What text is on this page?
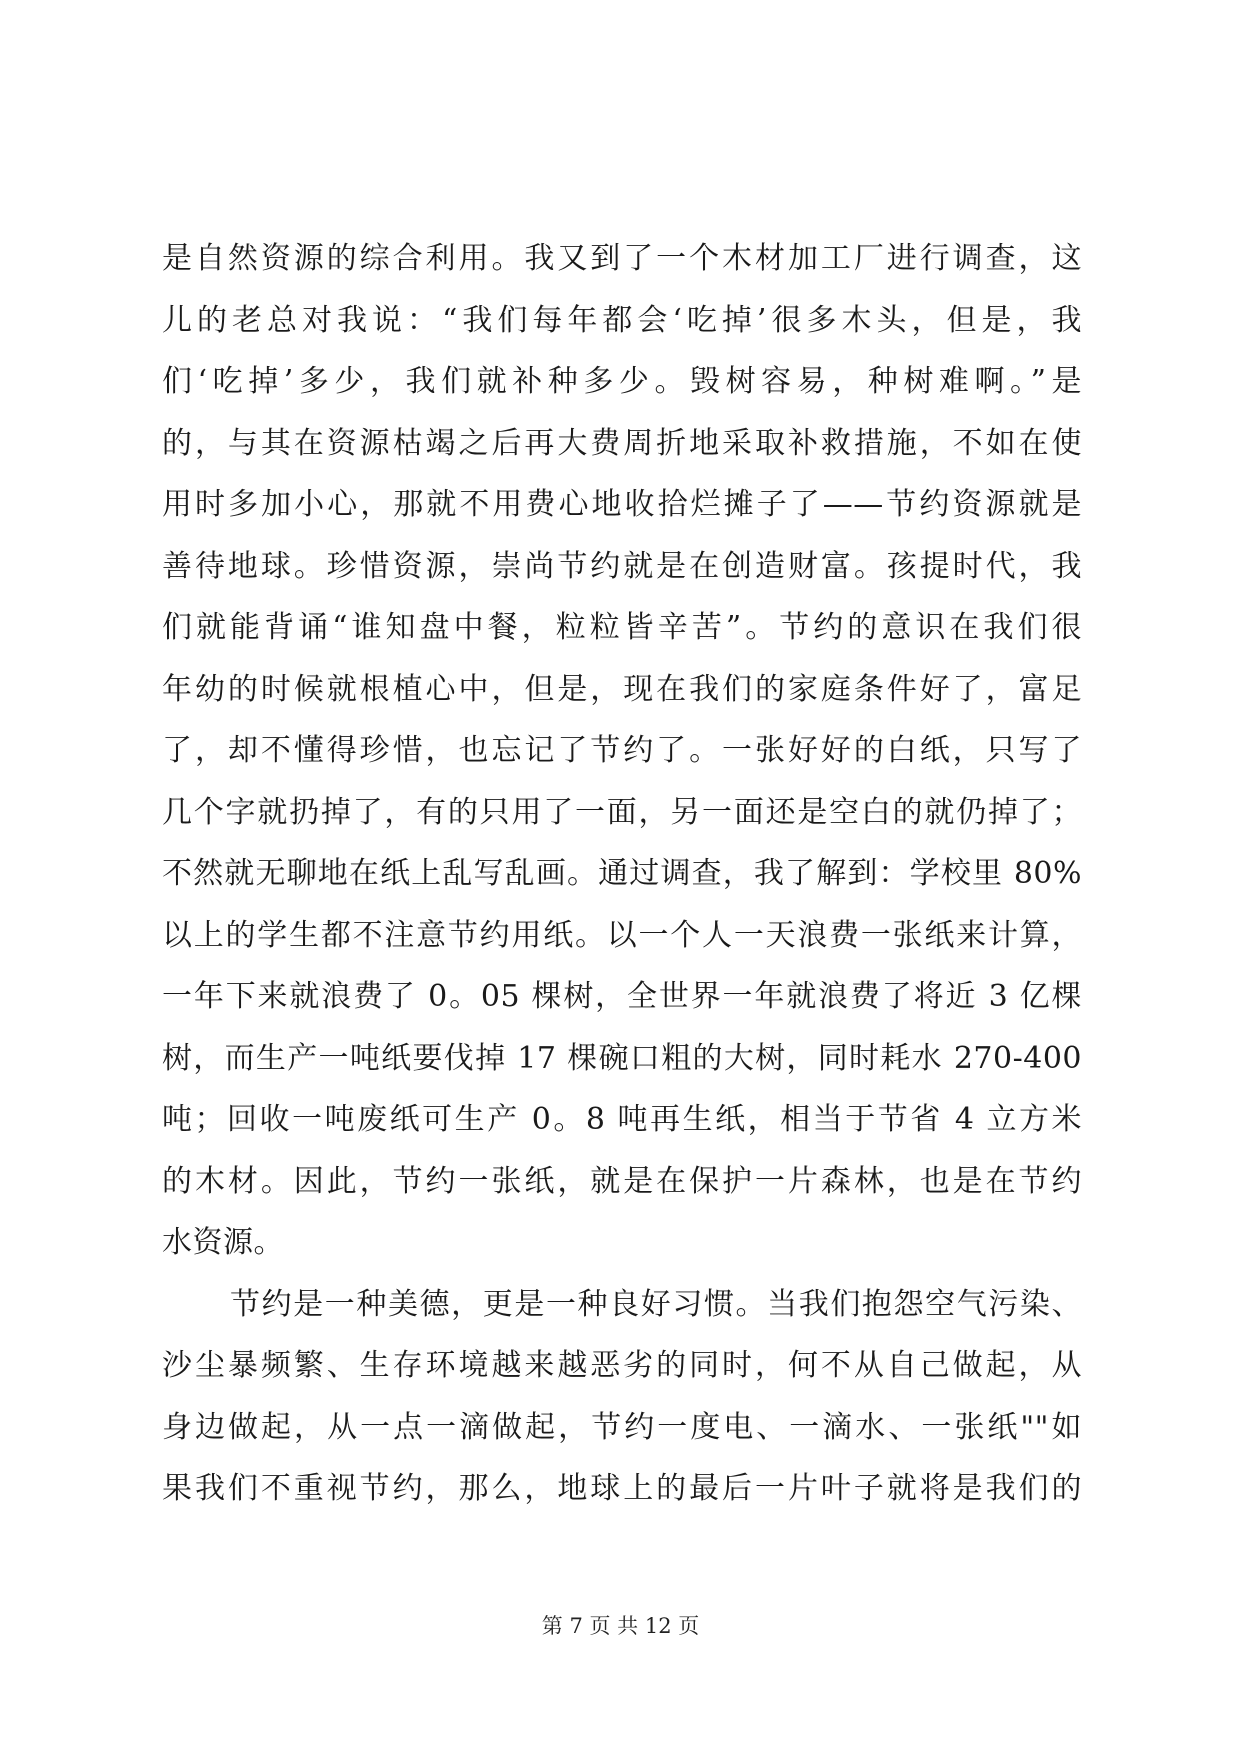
是自然资源的综合利用。我又到了一个木材加工厂进行调查，这
儿的老总对我说：“我们每年都会‘吃掉’很多木头，但是，我
们‘吃掉’多少，我们就补种多少。毁树容易，种树难啊。”是
的，与其在资源枯竭之后再大费周折地采取补救措施，不如在使
用时多加小心，那就不用费心地收拾烂摊子了——节约资源就是
善待地球。珍惜资源，崇尚节约就是在创造财富。孩提时代，我
们就能背诵“谁知盘中餐，粒粒皆辛苦”。节约的意识在我们很
年幼的时候就根植心中，但是，现在我们的家庭条件好了，富足
了，却不懂得珍惜，也忘记了节约了。一张好好的白纸，只写了
几个字就扔掉了，有的只用了一面，另一面还是空白的就仍掉了；
不然就无聊地在纸上乱写乱画。通过调查，我了解到：学校里 80%
以上的学生都不注意节约用纸。以一个人一天浪费一张纸来计算，
一年下来就浪费了 0。05 棵树，全世界一年就浪费了将近 3 亿棵
树，而生产一吨纸要伐掉 17 棵碗口粗的大树，同时耗水 270-400
吨；回收一吨废纸可生产 0。8 吨再生纸，相当于节省 4 立方米
的木材。因此，节约一张纸，就是在保护一片森林，也是在节约
水资源。
节约是一种美德，更是一种良好习惯。当我们抱怨空气污染、
沙尘暴频繁、生存环境越来越恶劣的同时，何不从自己做起，从
身边做起，从一点一滴做起，节约一度电、一滴水、一张纸""如
果我们不重视节约，那么，地球上的最后一片叶子就将是我们的
第 7 页 共 12 页
